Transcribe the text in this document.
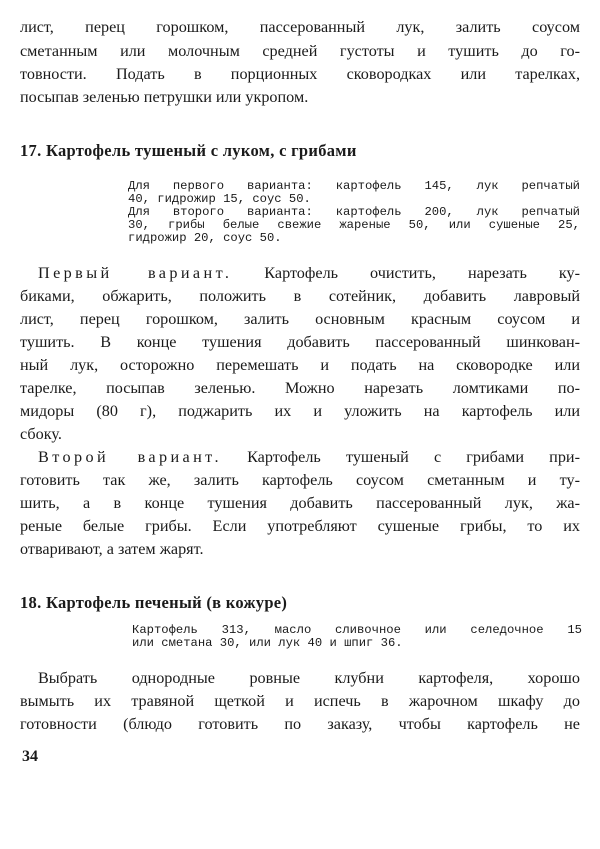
лист, перец горошком, пассерованный лук, залить соусом
сметанным или молочным средней густоты и тушить до го-
товности. Подать в порционных сковородках или тарелках,
посыпав зеленью петрушки или укропом.
17. Картофель тушеный с луком, с грибами
Для первого варианта: картофель 145, лук репчатый
40, гидрожир 15, соус 50.
Для второго варианта: картофель 200, лук репчатый
30, грибы белые свежие жареные 50, или сушеные 25,
гидрожир 20, соус 50.
Первый вариант. Картофель очистить, нарезать ку-
биками, обжарить, положить в сотейник, добавить лавровый
лист, перец горошком, залить основным красным соусом и
тушить. В конце тушения добавить пассерованный шинкован-
ный лук, осторожно перемешать и подать на сковородке или
тарелке, посыпав зеленью. Можно нарезать ломтиками по-
мидоры (80 г), поджарить их и уложить на картофель или
сбоку.
Второй вариант. Картофель тушеный с грибами при-
готовить так же, залить картофель соусом сметанным и ту-
шить, а в конце тушения добавить пассерованный лук, жа-
реные белые грибы. Если употребляют сушеные грибы, то их
отваривают, а затем жарят.
18. Картофель печеный (в кожуре)
Картофель 313, масло сливочное или селедочное 15
или сметана 30, или лук 40 и шпиг 36.
Выбрать однородные ровные клубни картофеля, хорошо
вымыть их травяной щеткой и испечь в жарочном шкафу до
готовности (блюдо готовить по заказу, чтобы картофель не
34
